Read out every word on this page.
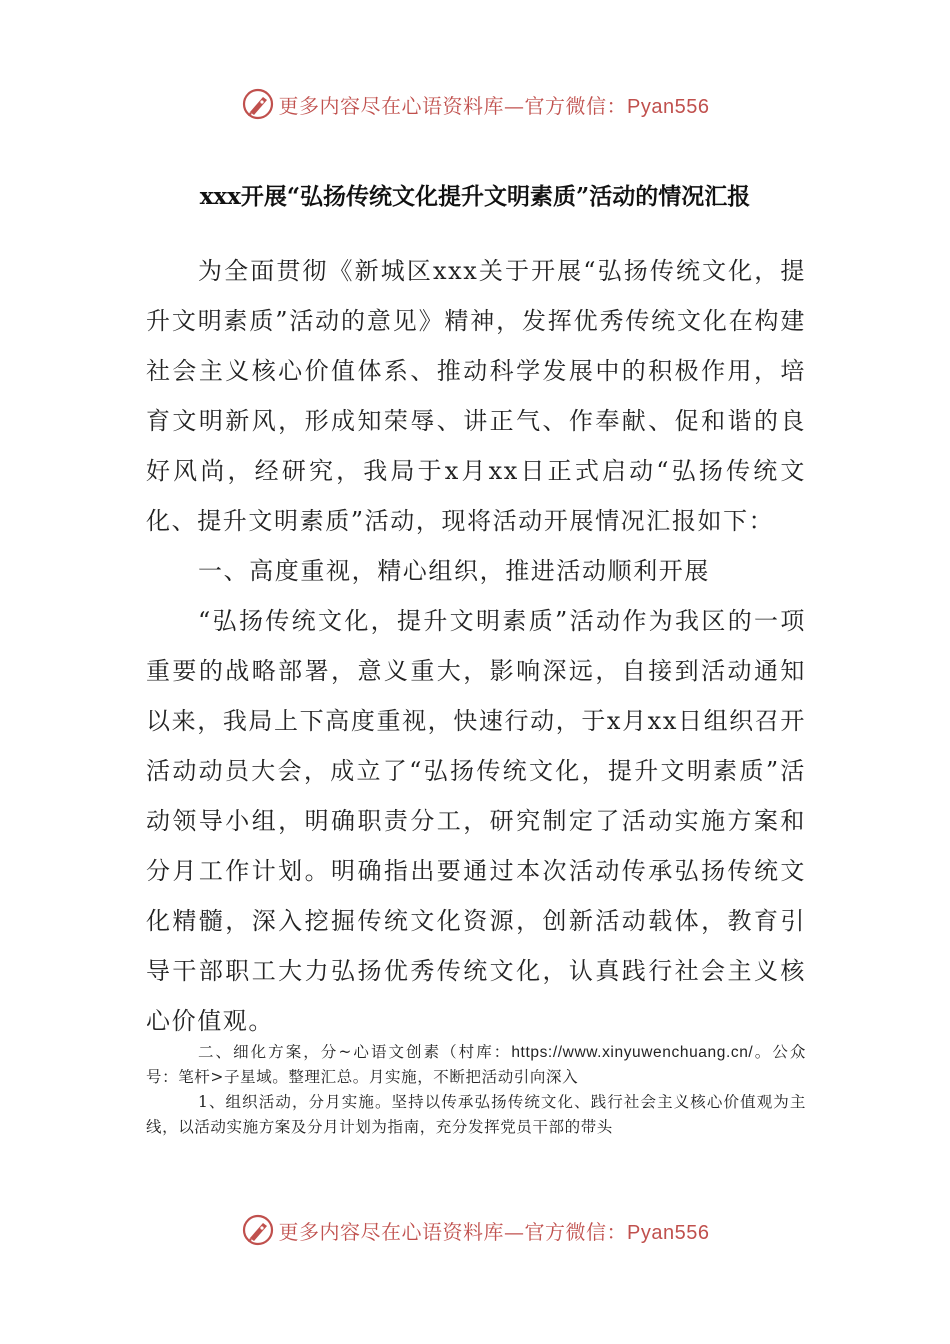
更多内容尽在心语资料库—官方微信：Pyan556
xxx开展“弘扬传统文化提升文明素质”活动的情况汇报

为全面贯彻《新城区xxx关于开展“弘扬传统文化，提升文明素质”活动的意见》精神，发挥优秀传统文化在构建社会主义核心价值体系、推动科学发展中的积极作用，培育文明新风，形成知荣辱、讲正气、作奉献、促和谐的良好风尚，经研究，我局于x月xx日正式启动“弘扬传统文化、提升文明素质”活动，现将活动开展情况汇报如下：

一、高度重视，精心组织，推进活动顺利开展

“弘扬传统文化，提升文明素质”活动作为我区的一项重要的战略部署，意义重大，影响深远，自接到活动通知以来，我局上下高度重视，快速行动，于x月xx日组织召开活动动员大会，成立了“弘扬传统文化，提升文明素质”活动领导小组，明确职责分工，研究制定了活动实施方案和分月工作计划。明确指出要通过本次活动传承弘扬传统文化精髓，深入挖掘传统文化资源，创新活动载体，教育引导干部职工大力弘扬优秀传统文化，认真践行社会主义核心价值观。

二、细化方案，分~心语文创素（村库：https://www.xinyuwenchuang.cn/。公众号：笔杆>子星域。整理汇总。月实施，不断把活动引向深入

1、组织活动，分月实施。坚持以传承弘扬传统文化、践行社会主义核心价值观为主线，以活动实施方案及分月计划为指南，充分发挥党员干部的带头

更多内容尽在心语资料库—官方微信：Pyan556
